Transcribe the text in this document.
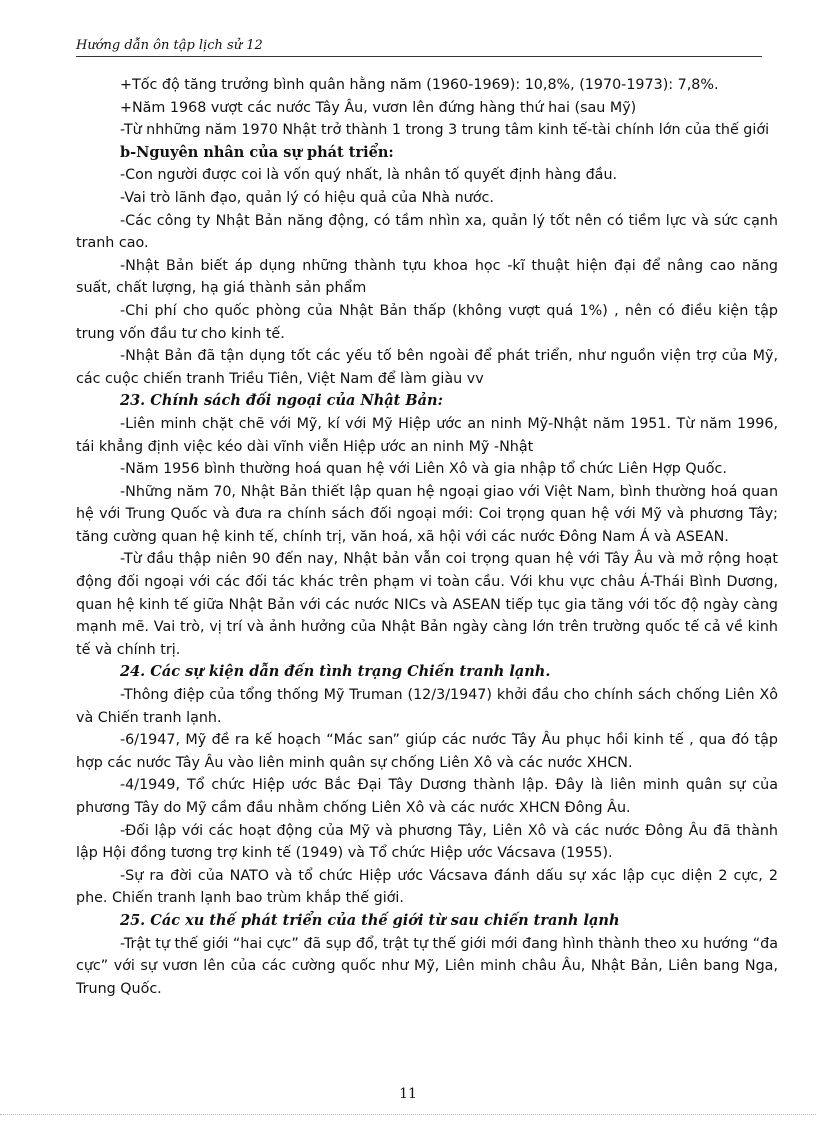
Hướng dẫn ôn tập lịch sử 12

+Tốc độ tăng trưởng bình quân hằng năm (1960-1969): 10,8%, (1970-1973): 7,8%.

+Năm 1968 vượt các nước Tây Âu, vươn lên đứng hàng thứ hai (sau Mỹ)

-Từ nhhững năm 1970 Nhật trở thành 1 trong 3 trung tâm kinh tế-tài chính lớn của thế giới

b-Nguyên nhân của sự phát triển:

-Con người được coi là vốn quý nhất, là nhân tố quyết định hàng đầu.

-Vai trò lãnh đạo, quản lý có hiệu quả của Nhà nước.

-Các công ty Nhật Bản năng động, có tầm nhìn xa, quản lý tốt nên có tiềm lực và sức cạnh tranh cao.

-Nhật Bản biết áp dụng những thành tựu khoa học -kĩ thuật hiện đại để nâng cao năng suất, chất lượng, hạ giá thành sản phẩm

-Chi phí cho quốc phòng của Nhật Bản thấp (không vượt quá 1%) , nên có điều kiện tập trung vốn đầu tư cho kinh tế.

-Nhật Bản đã tận dụng tốt các yếu tố bên ngoài để phát triển, như nguồn viện trợ của Mỹ, các cuộc chiến tranh Triều Tiên, Việt Nam để làm giàu vv

23. Chính sách đối ngoại của Nhật Bản:

-Liên minh chặt chẽ với Mỹ, kí với Mỹ Hiệp ước an ninh Mỹ-Nhật năm 1951. Từ năm 1996, tái khẳng định việc kéo dài vĩnh viễn Hiệp ước an ninh Mỹ -Nhật

-Năm 1956 bình thường hoá quan hệ với Liên Xô và gia nhập tổ chức Liên Hợp Quốc.

-Những năm 70, Nhật Bản thiết lập quan hệ ngoại giao với Việt Nam, bình thường hoá quan hệ với Trung Quốc và đưa ra chính sách đối ngoại mới: Coi trọng quan hệ với Mỹ và phương Tây; tăng cường quan hệ kinh tế, chính trị, văn hoá, xã hội với các nước Đông Nam Á và ASEAN.

-Từ đầu thập niên 90 đến nay, Nhật bản vẫn coi trọng quan hệ với Tây Âu và mở rộng hoạt động đối ngoại với các đối tác khác trên phạm vi toàn cầu. Với khu vực châu Á-Thái Bình Dương, quan hệ kinh tế giữa Nhật Bản với các nước NICs và ASEAN tiếp tục gia tăng với tốc độ ngày càng mạnh mẽ. Vai trò, vị trí và ảnh hưởng của Nhật Bản ngày càng lớn trên trường quốc tế cả về kinh tế và chính trị.

24. Các sự kiện dẫn đến tình trạng Chiến tranh lạnh.

-Thông điệp của tổng thống Mỹ Truman (12/3/1947) khởi đầu cho chính sách chống Liên Xô và Chiến tranh lạnh.

-6/1947, Mỹ đề ra kế hoạch “Mác san” giúp các nước Tây Âu phục hồi kinh tế , qua đó tập hợp các nước Tây Âu vào liên minh quân sự chống Liên Xô và các nước XHCN.

-4/1949, Tổ chức Hiệp ước Bắc Đại Tây Dương thành lập. Đây là liên minh quân sự của phương Tây do Mỹ cầm đầu nhằm chống Liên Xô và các nước XHCN Đông Âu.

-Đối lập với các hoạt động của Mỹ và phương Tây, Liên Xô và các nước Đông Âu đã thành lập Hội đồng tương trợ kinh tế (1949) và Tổ chức Hiệp ước Vácsava (1955).

-Sự ra đời của NATO và tổ chức Hiệp ước Vácsava đánh dấu sự xác lập cục diện 2 cực, 2 phe. Chiến tranh lạnh bao trùm khắp thế giới.

25. Các xu thế phát triển của thế giới từ sau chiến tranh lạnh

-Trật tự thế giới “hai cực” đã sụp đổ, trật tự thế giới mới đang hình thành theo xu hướng “đa cực” với sự vươn lên của các cường quốc như Mỹ, Liên minh châu Âu, Nhật Bản, Liên bang Nga, Trung Quốc.

11
